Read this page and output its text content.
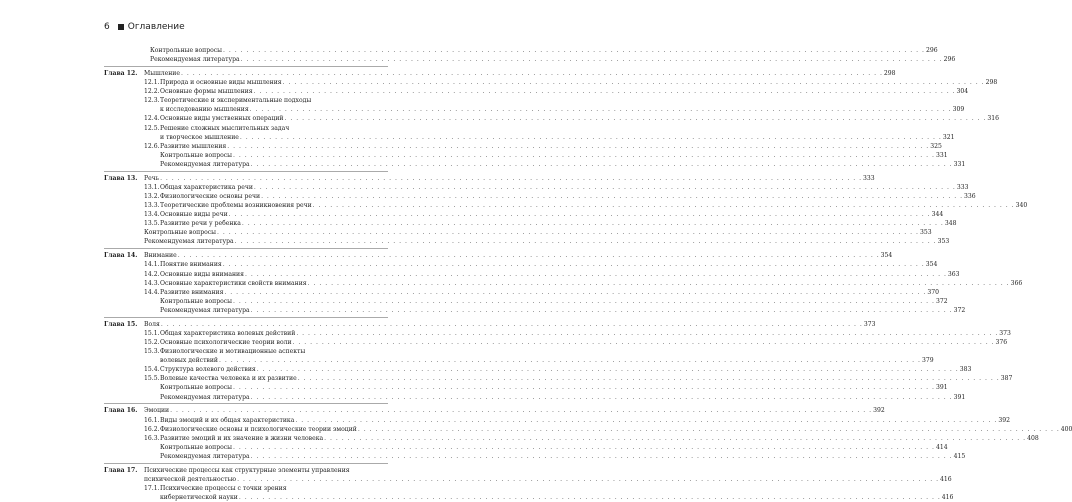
6 Оглавление
Контрольные вопросы . . . . . . . . . . . . . . . . . . . . . . . . . . . . . . . . . . . . . . . . . . . . . . . . . . . . . . . . . . . . . . . . . . . . . . . . . . . . . . . . . . . . . . . . . . . . . . . . . . . . . . . . . . . . . . . . . . . . . . . . 296
Рекомендуемая литература . . . . . . . . . . . . . . . . . . . . . . . . . . . . . . . . . . . . . . . . . . . . . . . . . . . . . . . . . . . . . . . . . . . . . . . . . . . . . . . . . . . . . . . . . . . . . . . . . . . . . . . . . . . . . . . . . . . . . . . . 296
Глава 12. Мышление . . . . . . . . . . . . . . . . . . . . . . . . . . . . . . . . . . . . . . . . . . . . . . . . . . . . . . . . . . . . . . . . . . . . . . . . . . . . . . . . . . . . . . . . . . . . . . . . . . . . . . . . . . . . . . . . . . . . . . . . 298
12.1.Природа и основные виды мышления . . . . . . . . . . . . . . . . . . . . . . . . . . . . . . . . . . . . . . . . . . . . . . . . . . . . . . . . . . . . . . . . . . . . . . . . . . . . . . . . . . . . . . . . . . . . . . . . . . . . . . . . . . . . . . . . . . . . . . . . 298
12.2.Основные формы мышления . . . . . . . . . . . . . . . . . . . . . . . . . . . . . . . . . . . . . . . . . . . . . . . . . . . . . . . . . . . . . . . . . . . . . . . . . . . . . . . . . . . . . . . . . . . . . . . . . . . . . . . . . . . . . . . . . . . . . . . . 304
12.3.Теоретические и экспериментальные подходы
к исследованию мышления . . . . . . . . . . . . . . . . . . . . . . . . . . . . . . . . . . . . . . . . . . . . . . . . . . . . . . . . . . . . . . . . . . . . . . . . . . . . . . . . . . . . . . . . . . . . . . . . . . . . . . . . . . . . . . . . . . . . . . . . 309
12.4.Основные виды умственных операций . . . . . . . . . . . . . . . . . . . . . . . . . . . . . . . . . . . . . . . . . . . . . . . . . . . . . . . . . . . . . . . . . . . . . . . . . . . . . . . . . . . . . . . . . . . . . . . . . . . . . . . . . . . . . . . . . . . . . . . . 316
12.5.Решение сложных мыслительных задач
и творческое мышление . . . . . . . . . . . . . . . . . . . . . . . . . . . . . . . . . . . . . . . . . . . . . . . . . . . . . . . . . . . . . . . . . . . . . . . . . . . . . . . . . . . . . . . . . . . . . . . . . . . . . . . . . . . . . . . . . . . . . . . . 321
12.6.Развитие мышления . . . . . . . . . . . . . . . . . . . . . . . . . . . . . . . . . . . . . . . . . . . . . . . . . . . . . . . . . . . . . . . . . . . . . . . . . . . . . . . . . . . . . . . . . . . . . . . . . . . . . . . . . . . . . . . . . . . . . . . . 325
Контрольные вопросы . . . . . . . . . . . . . . . . . . . . . . . . . . . . . . . . . . . . . . . . . . . . . . . . . . . . . . . . . . . . . . . . . . . . . . . . . . . . . . . . . . . . . . . . . . . . . . . . . . . . . . . . . . . . . . . . . . . . . . . . 331
Рекомендуемая литература . . . . . . . . . . . . . . . . . . . . . . . . . . . . . . . . . . . . . . . . . . . . . . . . . . . . . . . . . . . . . . . . . . . . . . . . . . . . . . . . . . . . . . . . . . . . . . . . . . . . . . . . . . . . . . . . . . . . . . . . 331
Глава 13. Речь . . . . . . . . . . . . . . . . . . . . . . . . . . . . . . . . . . . . . . . . . . . . . . . . . . . . . . . . . . . . . . . . . . . . . . . . . . . . . . . . . . . . . . . . . . . . . . . . . . . . . . . . . . . . . . . . . . . . . . . . 333
13.1.Общая характеристика речи . . . . . . . . . . . . . . . . . . . . . . . . . . . . . . . . . . . . . . . . . . . . . . . . . . . . . . . . . . . . . . . . . . . . . . . . . . . . . . . . . . . . . . . . . . . . . . . . . . . . . . . . . . . . . . . . . . . . . . . . 333
13.2.Физиологические основы речи . . . . . . . . . . . . . . . . . . . . . . . . . . . . . . . . . . . . . . . . . . . . . . . . . . . . . . . . . . . . . . . . . . . . . . . . . . . . . . . . . . . . . . . . . . . . . . . . . . . . . . . . . . . . . . . . . . . . . . . . 336
13.3.Теоретические проблемы возникновения речи . . . . . . . . . . . . . . . . . . . . . . . . . . . . . . . . . . . . . . . . . . . . . . . . . . . . . . . . . . . . . . . . . . . . . . . . . . . . . . . . . . . . . . . . . . . . . . . . . . . . . . . . . . . . . . . . . . . . . . . . 340
13.4.Основные виды речи . . . . . . . . . . . . . . . . . . . . . . . . . . . . . . . . . . . . . . . . . . . . . . . . . . . . . . . . . . . . . . . . . . . . . . . . . . . . . . . . . . . . . . . . . . . . . . . . . . . . . . . . . . . . . . . . . . . . . . . . 344
13.5.Развитие речи у ребенка . . . . . . . . . . . . . . . . . . . . . . . . . . . . . . . . . . . . . . . . . . . . . . . . . . . . . . . . . . . . . . . . . . . . . . . . . . . . . . . . . . . . . . . . . . . . . . . . . . . . . . . . . . . . . . . . . . . . . . . . 348
Контрольные вопросы . . . . . . . . . . . . . . . . . . . . . . . . . . . . . . . . . . . . . . . . . . . . . . . . . . . . . . . . . . . . . . . . . . . . . . . . . . . . . . . . . . . . . . . . . . . . . . . . . . . . . . . . . . . . . . . . . . . . . . . . 353
Рекомендуемая литература . . . . . . . . . . . . . . . . . . . . . . . . . . . . . . . . . . . . . . . . . . . . . . . . . . . . . . . . . . . . . . . . . . . . . . . . . . . . . . . . . . . . . . . . . . . . . . . . . . . . . . . . . . . . . . . . . . . . . . . . 353
Глава 14. Внимание . . . . . . . . . . . . . . . . . . . . . . . . . . . . . . . . . . . . . . . . . . . . . . . . . . . . . . . . . . . . . . . . . . . . . . . . . . . . . . . . . . . . . . . . . . . . . . . . . . . . . . . . . . . . . . . . . . . . . . . . 354
14.1.Понятие внимания . . . . . . . . . . . . . . . . . . . . . . . . . . . . . . . . . . . . . . . . . . . . . . . . . . . . . . . . . . . . . . . . . . . . . . . . . . . . . . . . . . . . . . . . . . . . . . . . . . . . . . . . . . . . . . . . . . . . . . . . 354
14.2.Основные виды внимания . . . . . . . . . . . . . . . . . . . . . . . . . . . . . . . . . . . . . . . . . . . . . . . . . . . . . . . . . . . . . . . . . . . . . . . . . . . . . . . . . . . . . . . . . . . . . . . . . . . . . . . . . . . . . . . . . . . . . . . . 363
14.3.Основные характеристики свойств внимания . . . . . . . . . . . . . . . . . . . . . . . . . . . . . . . . . . . . . . . . . . . . . . . . . . . . . . . . . . . . . . . . . . . . . . . . . . . . . . . . . . . . . . . . . . . . . . . . . . . . . . . . . . . . . . . . . . . . . . . . 366
14.4.Развитие внимания . . . . . . . . . . . . . . . . . . . . . . . . . . . . . . . . . . . . . . . . . . . . . . . . . . . . . . . . . . . . . . . . . . . . . . . . . . . . . . . . . . . . . . . . . . . . . . . . . . . . . . . . . . . . . . . . . . . . . . . . 370
Контрольные вопросы . . . . . . . . . . . . . . . . . . . . . . . . . . . . . . . . . . . . . . . . . . . . . . . . . . . . . . . . . . . . . . . . . . . . . . . . . . . . . . . . . . . . . . . . . . . . . . . . . . . . . . . . . . . . . . . . . . . . . . . . 372
Рекомендуемая литература . . . . . . . . . . . . . . . . . . . . . . . . . . . . . . . . . . . . . . . . . . . . . . . . . . . . . . . . . . . . . . . . . . . . . . . . . . . . . . . . . . . . . . . . . . . . . . . . . . . . . . . . . . . . . . . . . . . . . . . . 372
Глава 15. Воля . . . . . . . . . . . . . . . . . . . . . . . . . . . . . . . . . . . . . . . . . . . . . . . . . . . . . . . . . . . . . . . . . . . . . . . . . . . . . . . . . . . . . . . . . . . . . . . . . . . . . . . . . . . . . . . . . . . . . . . . 373
15.1.Общая характеристика волевых действий . . . . . . . . . . . . . . . . . . . . . . . . . . . . . . . . . . . . . . . . . . . . . . . . . . . . . . . . . . . . . . . . . . . . . . . . . . . . . . . . . . . . . . . . . . . . . . . . . . . . . . . . . . . . . . . . . . . . . . . . 373
15.2.Основные психологические теории воли . . . . . . . . . . . . . . . . . . . . . . . . . . . . . . . . . . . . . . . . . . . . . . . . . . . . . . . . . . . . . . . . . . . . . . . . . . . . . . . . . . . . . . . . . . . . . . . . . . . . . . . . . . . . . . . . . . . . . . . . 376
15.3.Физиологические и мотивационные аспекты
волевых действий . . . . . . . . . . . . . . . . . . . . . . . . . . . . . . . . . . . . . . . . . . . . . . . . . . . . . . . . . . . . . . . . . . . . . . . . . . . . . . . . . . . . . . . . . . . . . . . . . . . . . . . . . . . . . . . . . . . . . . . . 379
15.4.Структура волевого действия . . . . . . . . . . . . . . . . . . . . . . . . . . . . . . . . . . . . . . . . . . . . . . . . . . . . . . . . . . . . . . . . . . . . . . . . . . . . . . . . . . . . . . . . . . . . . . . . . . . . . . . . . . . . . . . . . . . . . . . . 383
15.5.Волевые качества человека и их развитие . . . . . . . . . . . . . . . . . . . . . . . . . . . . . . . . . . . . . . . . . . . . . . . . . . . . . . . . . . . . . . . . . . . . . . . . . . . . . . . . . . . . . . . . . . . . . . . . . . . . . . . . . . . . . . . . . . . . . . . . 387
Контрольные вопросы . . . . . . . . . . . . . . . . . . . . . . . . . . . . . . . . . . . . . . . . . . . . . . . . . . . . . . . . . . . . . . . . . . . . . . . . . . . . . . . . . . . . . . . . . . . . . . . . . . . . . . . . . . . . . . . . . . . . . . . . 391
Рекомендуемая литература . . . . . . . . . . . . . . . . . . . . . . . . . . . . . . . . . . . . . . . . . . . . . . . . . . . . . . . . . . . . . . . . . . . . . . . . . . . . . . . . . . . . . . . . . . . . . . . . . . . . . . . . . . . . . . . . . . . . . . . . 391
Глава 16. Эмоции . . . . . . . . . . . . . . . . . . . . . . . . . . . . . . . . . . . . . . . . . . . . . . . . . . . . . . . . . . . . . . . . . . . . . . . . . . . . . . . . . . . . . . . . . . . . . . . . . . . . . . . . . . . . . . . . . . . . . . . . 392
16.1.Виды эмоций и их общая характеристика . . . . . . . . . . . . . . . . . . . . . . . . . . . . . . . . . . . . . . . . . . . . . . . . . . . . . . . . . . . . . . . . . . . . . . . . . . . . . . . . . . . . . . . . . . . . . . . . . . . . . . . . . . . . . . . . . . . . . . . . 392
16.2.Физиологические основы и психологические теории эмоций . . . . . . . . . . . . . . . . . . . . . . . . . . . . . . . . . . . . . . . . . . . . . . . . . . . . . . . . . . . . . . . . . . . . . . . . . . . . . . . . . . . . . . . . . . . . . . . . . . . . . . . . . . . . . . . . . . . . . . . . 400
16.3.Развитие эмоций и их значение в жизни человека . . . . . . . . . . . . . . . . . . . . . . . . . . . . . . . . . . . . . . . . . . . . . . . . . . . . . . . . . . . . . . . . . . . . . . . . . . . . . . . . . . . . . . . . . . . . . . . . . . . . . . . . . . . . . . . . . . . . . . . . 408
Контрольные вопросы . . . . . . . . . . . . . . . . . . . . . . . . . . . . . . . . . . . . . . . . . . . . . . . . . . . . . . . . . . . . . . . . . . . . . . . . . . . . . . . . . . . . . . . . . . . . . . . . . . . . . . . . . . . . . . . . . . . . . . . . 414
Рекомендуемая литература . . . . . . . . . . . . . . . . . . . . . . . . . . . . . . . . . . . . . . . . . . . . . . . . . . . . . . . . . . . . . . . . . . . . . . . . . . . . . . . . . . . . . . . . . . . . . . . . . . . . . . . . . . . . . . . . . . . . . . . . 415
Глава 17. Психические процессы как структурные элементы управления
психической деятельностью . . . . . . . . . . . . . . . . . . . . . . . . . . . . . . . . . . . . . . . . . . . . . . . . . . . . . . . . . . . . . . . . . . . . . . . . . . . . . . . . . . . . . . . . . . . . . . . . . . . . . . . . . . . . . . . . . . . . . . . . 416
17.1.Психические процессы с точки зрения
кибернетической науки . . . . . . . . . . . . . . . . . . . . . . . . . . . . . . . . . . . . . . . . . . . . . . . . . . . . . . . . . . . . . . . . . . . . . . . . . . . . . . . . . . . . . . . . . . . . . . . . . . . . . . . . . . . . . . . . . . . . . . . . 416
